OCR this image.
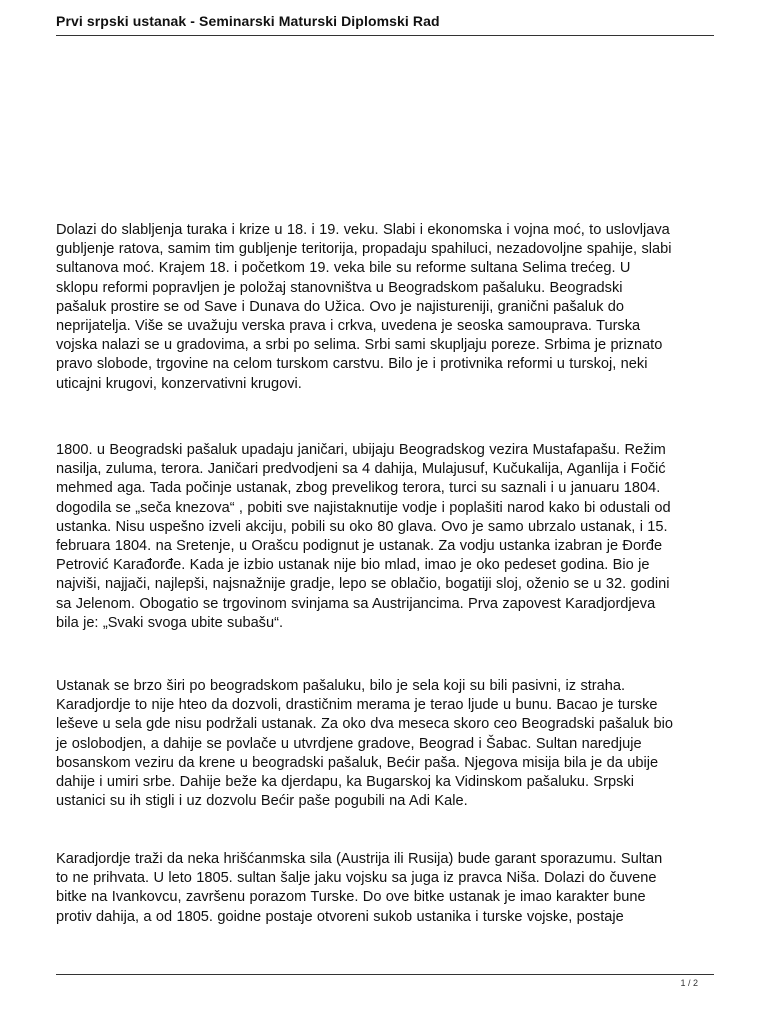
Prvi srpski ustanak - Seminarski Maturski Diplomski Rad
Dolazi do slabljenja turaka i krize u 18. i 19. veku. Slabi i ekonomska i vojna moć, to uslovljava
gubljenje ratova, samim tim gubljenje teritorija, propadaju spahiluci, nezadovoljne spahije, slabi
sultanova moć. Krajem 18. i početkom 19. veka bile su reforme sultana Selima trećeg. U
sklopu reformi popravljen je položaj stanovništva u Beogradskom pašaluku. Beogradski
pašaluk prostire se od Save i Dunava do Užica. Ovo je najistureniji, granični pašaluk do
neprijatelja. Više se uvažuju verska prava i crkva, uvedena je seoska samouprava. Turska
vojska nalazi se u gradovima, a srbi po selima. Srbi sami skupljaju poreze. Srbima je priznato
pravo slobode, trgovine na celom turskom carstvu. Bilo je i protivnika reformi u turskoj, neki
uticajni krugovi, konzervativni krugovi.
1800. u Beogradski pašaluk upadaju janičari, ubijaju Beogradskog vezira Mustafapašu. Režim
nasilja, zuluma, terora. Janičari predvodjeni sa 4 dahija, Mulajusuf, Kučukalija, Aganlija i Fočić
mehmed aga. Tada počinje ustanak, zbog prevelikog terora, turci su saznali i u januaru 1804.
dogodila se „seča knezova“ , pobiti sve najistaknutije vodje i poplašiti narod kako bi odustali od
ustanka. Nisu uspešno izveli akciju, pobili su oko 80 glava. Ovo je samo ubrzalo ustanak, i 15.
februara 1804. na Sretenje, u Orašcu podignut je ustanak. Za vodju ustanka izabran je Đorđe
Petrović Karađorđe. Kada je izbio ustanak nije bio mlad, imao je oko pedeset godina. Bio je
najviši, najjači, najlepši, najsnažnije gradje, lepo se oblačio, bogatiji sloj, oženio se u 32. godini
sa Jelenom. Obogatio se trgovinom svinjama sa Austrijancima. Prva zapovest Karadjordjeva
bila je: „Svaki svoga ubite subašu“.
Ustanak se brzo širi po beogradskom pašaluku, bilo je sela koji su bili pasivni, iz straha.
Karadjordje to nije hteo da dozvoli, drastičnim merama je terao ljude u bunu. Bacao je turske
leševe u sela gde nisu podržali ustanak. Za oko dva meseca skoro ceo Beogradski pašaluk bio
je oslobodjen, a dahije se povlače u utvrdjene gradove, Beograd i Šabac. Sultan naredjuje
bosanskom veziru da krene u beogradski pašaluk, Bećir paša. Njegova misija bila je da ubije
dahije i umiri srbe. Dahije beže ka djerdapu, ka Bugarskoj ka Vidinskom pašaluku. Srpski
ustanici su ih stigli i uz dozvolu Bećir paše pogubili na Adi Kale.
Karadjordje traži da neka hrišćanmska sila (Austrija ili Rusija) bude garant sporazumu. Sultan
to ne prihvata. U leto 1805. sultan šalje jaku vojsku sa juga iz pravca Niša. Dolazi do čuvene
bitke na Ivankovcu, završenu porazom Turske. Do ove bitke ustanak je imao karakter bune
protiv dahija, a od 1805. goidne postaje otvoreni sukob ustanika i turske vojske, postaje
1 / 2
